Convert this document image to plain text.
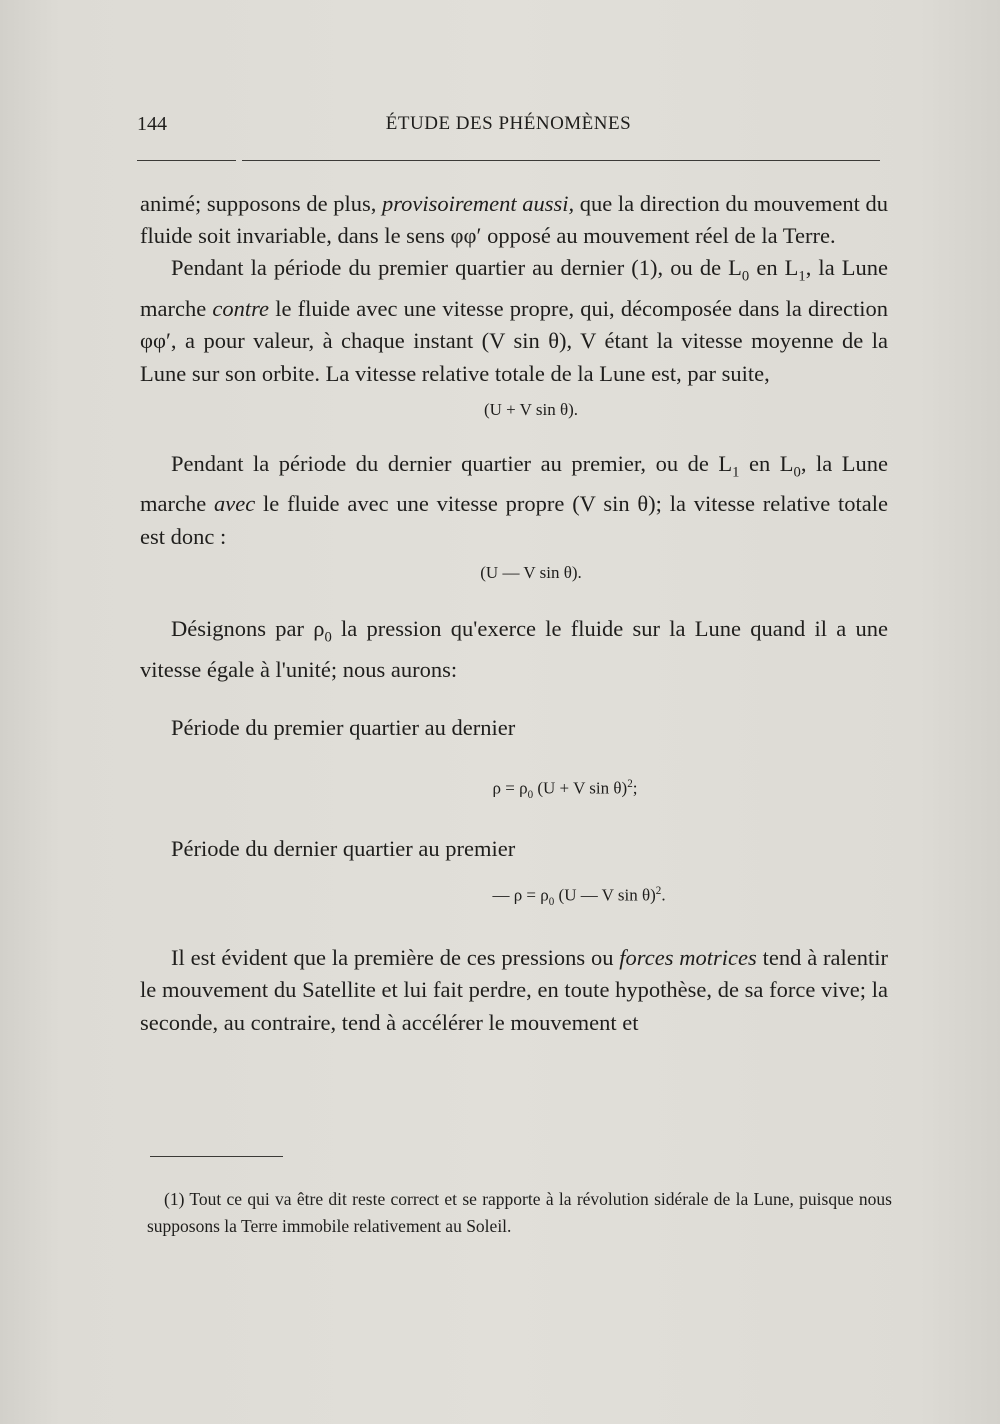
144	ÉTUDE DES PHÉNOMÈNES

animé; supposons de plus, provisoirement aussi, que la direction du mouvement du fluide soit invariable, dans le sens φφ′ opposé au mouvement réel de la Terre.

Pendant la période du premier quartier au dernier (1), ou de $L_0$ en $L_1$, la Lune marche contre le fluide avec une vitesse propre, qui, décomposée dans la direction φφ′, a pour valeur, à chaque instant (V sin θ), V étant la vitesse moyenne de la Lune sur son orbite. La vitesse relative totale de la Lune est, par suite,

(U + V sin θ).

Pendant la période du dernier quartier au premier, ou de $L_1$ en $L_0$, la Lune marche avec le fluide avec une vitesse propre (V sin θ); la vitesse relative totale est donc :

(U — V sin θ).

Désignons par $\rho_0$ la pression qu'exerce le fluide sur la Lune quand il a une vitesse égale à l'unité; nous aurons:

Période du premier quartier au dernier

$\rho = \rho_0$ (U + V sin θ)$^2$;

Période du dernier quartier au premier

— $\rho = \rho_0$ (U — V sin θ)$^2$.

Il est évident que la première de ces pressions ou forces motrices tend à ralentir le mouvement du Satellite et lui fait perdre, en toute hypothèse, de sa force vive; la seconde, au contraire, tend à accélérer le mouvement et

(1) Tout ce qui va être dit reste correct et se rapporte à la révolution sidérale de la Lune, puisque nous supposons la Terre immobile relativement au Soleil.
